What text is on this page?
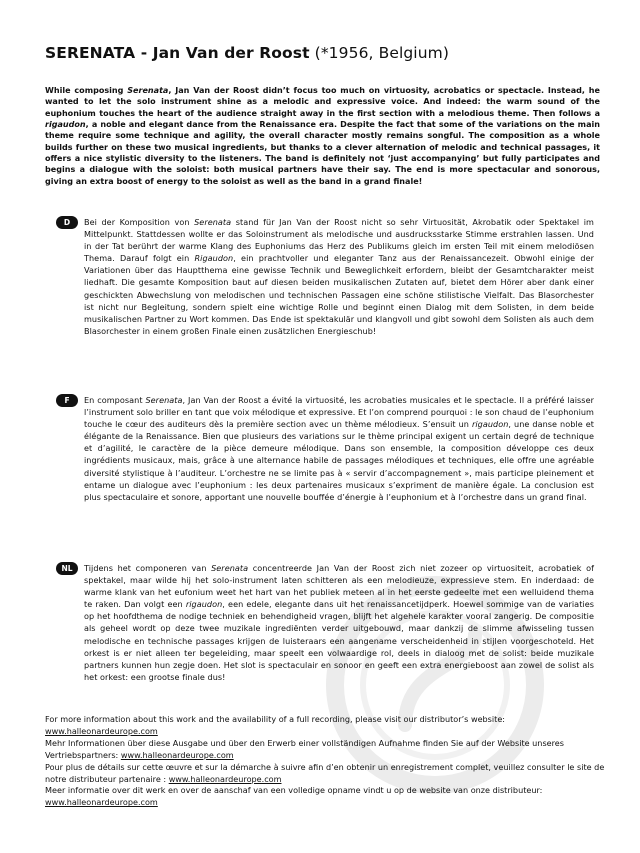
SERENATA - Jan Van der Roost (*1956, Belgium)

While composing Serenata, Jan Van der Roost didn’t focus too much on virtuosity, acrobatics or spectacle. Instead, he wanted to let the solo instrument shine as a melodic and expressive voice. And indeed: the warm sound of the euphonium touches the heart of the audience straight away in the first section with a melodious theme. Then follows a rigaudon, a noble and elegant dance from the Renaissance era. Despite the fact that some of the variations on the main theme require some technique and agility, the overall character mostly remains songful. The composition as a whole builds further on these two musical ingredients, but thanks to a clever alternation of melodic and technical passages, it offers a nice stylistic diversity to the listeners. The band is definitely not ‘just accompanying’ but fully participates and begins a dialogue with the soloist: both musical partners have their say. The end is more spectacular and sonorous, giving an extra boost of energy to the soloist as well as the band in a grand finale!

D	Bei der Komposition von Serenata stand für Jan Van der Roost nicht so sehr Virtuosität, Akrobatik oder Spektakel im Mittelpunkt. Stattdessen wollte er das Soloinstrument als melodische und ausdrucksstarke Stimme erstrahlen lassen. Und in der Tat berührt der warme Klang des Euphoniums das Herz des Publikums gleich im ersten Teil mit einem melodiösen Thema. Darauf folgt ein Rigaudon, ein prachtvoller und eleganter Tanz aus der Renaissancezeit. Obwohl einige der Variationen über das Hauptthema eine gewisse Technik und Beweglichkeit erfordern, bleibt der Gesamtcharakter meist liedhaft. Die gesamte Komposition baut auf diesen beiden musikalischen Zutaten auf, bietet dem Hörer aber dank einer geschickten Abwechslung von melodischen und technischen Passagen eine schöne stilistische Vielfalt. Das Blasorchester ist nicht nur Begleitung, sondern spielt eine wichtige Rolle und beginnt einen Dialog mit dem Solisten, in dem beide musikalischen Partner zu Wort kommen. Das Ende ist spektakulär und klangvoll und gibt sowohl dem Solisten als auch dem Blasorchester in einem großen Finale einen zusätzlichen Energieschub!

F	En composant Serenata, Jan Van der Roost a évité la virtuosité, les acrobaties musicales et le spectacle. Il a préféré laisser l’instrument solo briller en tant que voix mélodique et expressive. Et l’on comprend pourquoi : le son chaud de l’euphonium touche le cœur des auditeurs dès la première section avec un thème mélodieux. S’ensuit un rigaudon, une danse noble et élégante de la Renaissance. Bien que plusieurs des variations sur le thème principal exigent un certain degré de technique et d’agilité, le caractère de la pièce demeure mélodique. Dans son ensemble, la composition développe ces deux ingrédients musicaux, mais, grâce à une alternance habile de passages mélodiques et techniques, elle offre une agréable diversité stylistique à l’auditeur. L’orchestre ne se limite pas à « servir d’accompagnement », mais participe pleinement et entame un dialogue avec l’euphonium : les deux partenaires musicaux s’expriment de manière égale. La conclusion est plus spectaculaire et sonore, apportant une nouvelle bouffée d’énergie à l’euphonium et à l’orchestre dans un grand final.

NL	Tijdens het componeren van Serenata concentreerde Jan Van der Roost zich niet zozeer op virtuositeit, acrobatiek of spektakel, maar wilde hij het solo-instrument laten schitteren als een melodieuze, expressieve stem. En inderdaad: de warme klank van het eufonium weet het hart van het publiek meteen al in het eerste gedeelte met een welluidend thema te raken. Dan volgt een rigaudon, een edele, elegante dans uit het renaissancetijdperk. Hoewel sommige van de variaties op het hoofdthema de nodige techniek en behendigheid vragen, blijft het algehele karakter vooral zangerig. De compositie als geheel wordt op deze twee muzikale ingrediënten verder uitgebouwd, maar dankzij de slimme afwisseling tussen melodische en technische passages krijgen de luisteraars een aangename verscheidenheid in stijlen voorgeschoteld. Het orkest is er niet alleen ter begeleiding, maar speelt een volwaardige rol, deels in dialoog met de solist: beide muzikale partners kunnen hun zegje doen. Het slot is spectaculair en sonoor en geeft een extra energieboost aan zowel de solist als het orkest: een grootse finale dus!

For more information about this work and the availability of a full recording, please visit our distributor’s website:
www.halleonardeurope.com

Mehr Informationen über diese Ausgabe und über den Erwerb einer vollständigen Aufnahme finden Sie auf der Website unseres Vertriebspartners: www.halleonardeurope.com

Pour plus de détails sur cette œuvre et sur la démarche à suivre afin d’en obtenir un enregistrement complet, veuillez consulter le site de notre distributeur partenaire : www.halleonardeurope.com

Meer informatie over dit werk en over de aanschaf van een volledige opname vindt u op de website van onze distributeur:
www.halleonardeurope.com
